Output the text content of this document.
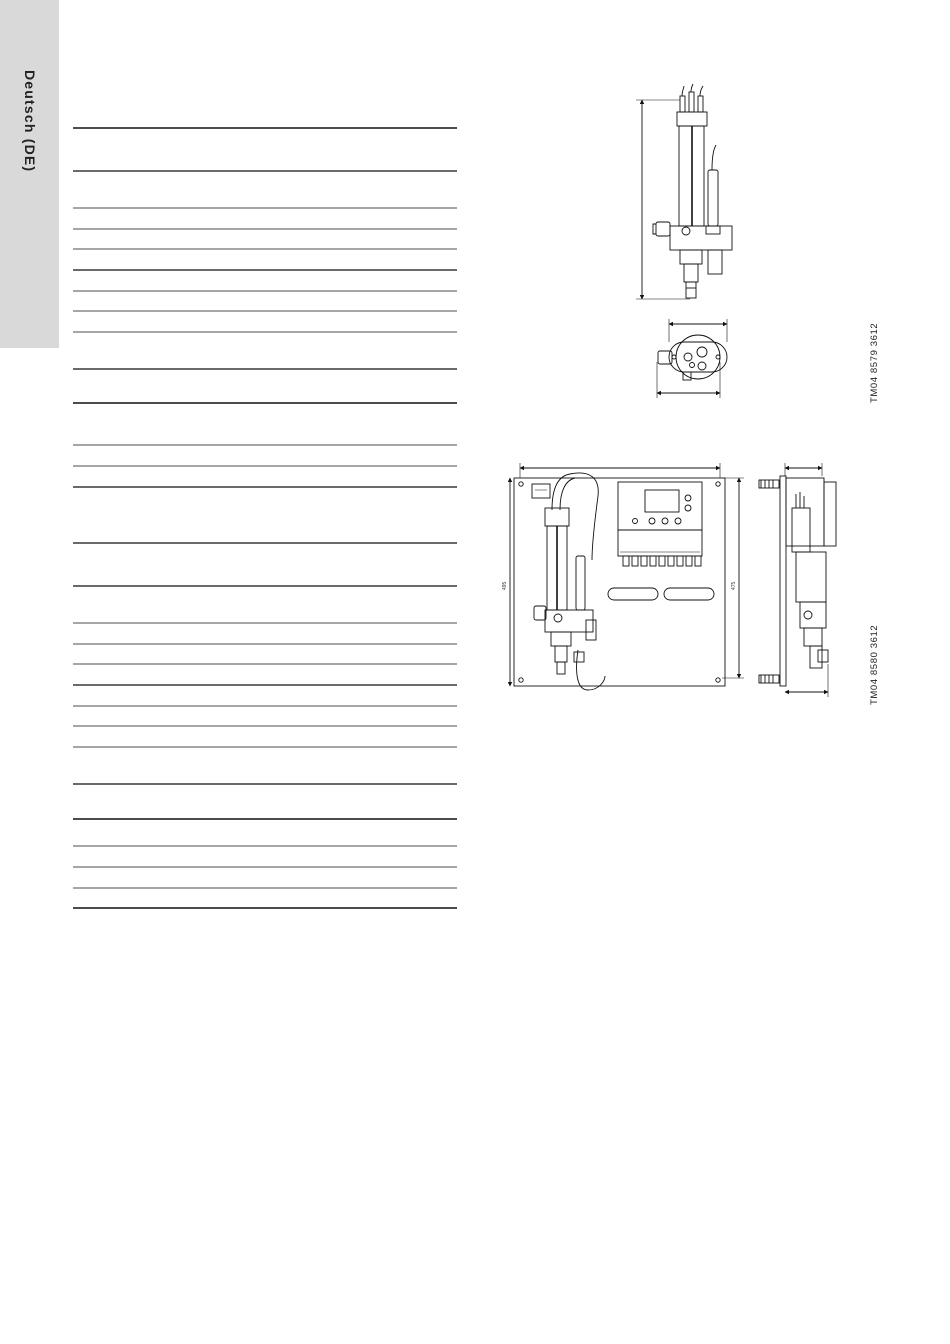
Deutsch (DE)
495	475
TM04 8579 3612
TM04 8580 3612
